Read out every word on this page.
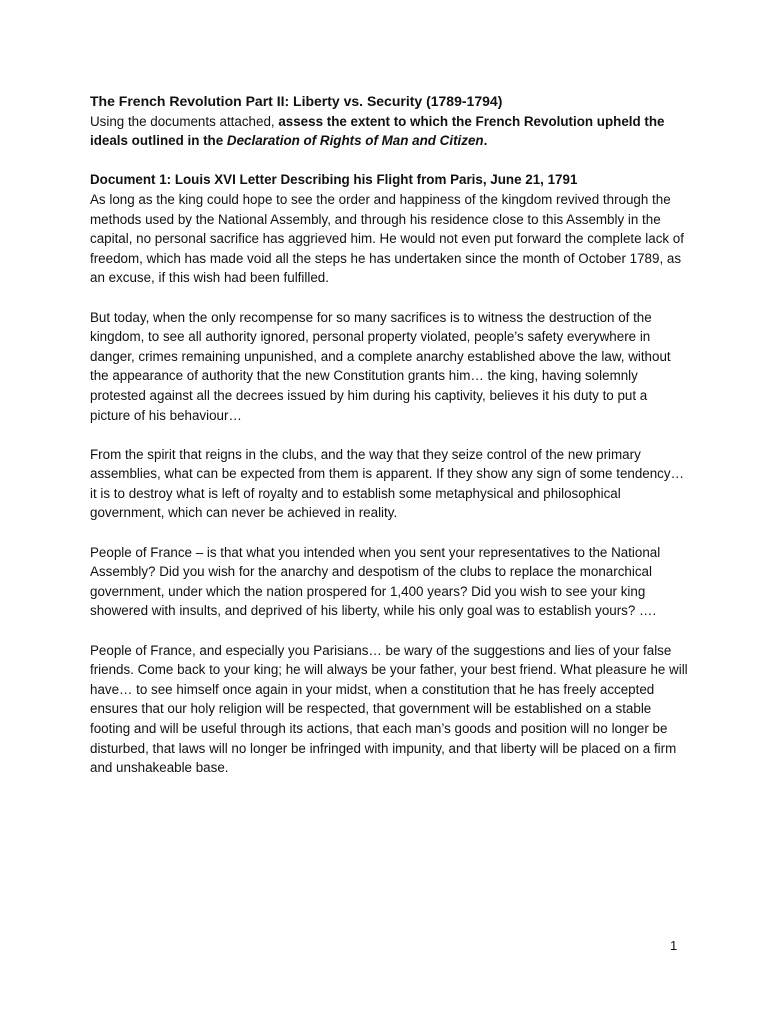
The French Revolution Part II: Liberty vs. Security (1789-1794)

Using the documents attached, assess the extent to which the French Revolution upheld the ideals outlined in the Declaration of Rights of Man and Citizen.

Document 1: Louis XVI Letter Describing his Flight from Paris, June 21, 1791

As long as the king could hope to see the order and happiness of the kingdom revived through the methods used by the National Assembly, and through his residence close to this Assembly in the capital, no personal sacrifice has aggrieved him. He would not even put forward the complete lack of freedom, which has made void all the steps he has undertaken since the month of October 1789, as an excuse, if this wish had been fulfilled.

But today, when the only recompense for so many sacrifices is to witness the destruction of the kingdom, to see all authority ignored, personal property violated, people’s safety everywhere in danger, crimes remaining unpunished, and a complete anarchy established above the law, without the appearance of authority that the new Constitution grants him… the king, having solemnly protested against all the decrees issued by him during his captivity, believes it his duty to put a picture of his behaviour…

From the spirit that reigns in the clubs, and the way that they seize control of the new primary assemblies, what can be expected from them is apparent. If they show any sign of some tendency… it is to destroy what is left of royalty and to establish some metaphysical and philosophical government, which can never be achieved in reality.

People of France – is that what you intended when you sent your representatives to the National Assembly? Did you wish for the anarchy and despotism of the clubs to replace the monarchical government, under which the nation prospered for 1,400 years? Did you wish to see your king showered with insults, and deprived of his liberty, while his only goal was to establish yours? ….

People of France, and especially you Parisians… be wary of the suggestions and lies of your false friends. Come back to your king; he will always be your father, your best friend. What pleasure he will have… to see himself once again in your midst, when a constitution that he has freely accepted ensures that our holy religion will be respected, that government will be established on a stable footing and will be useful through its actions, that each man’s goods and position will no longer be disturbed, that laws will no longer be infringed with impunity, and that liberty will be placed on a firm and unshakeable base.

1
